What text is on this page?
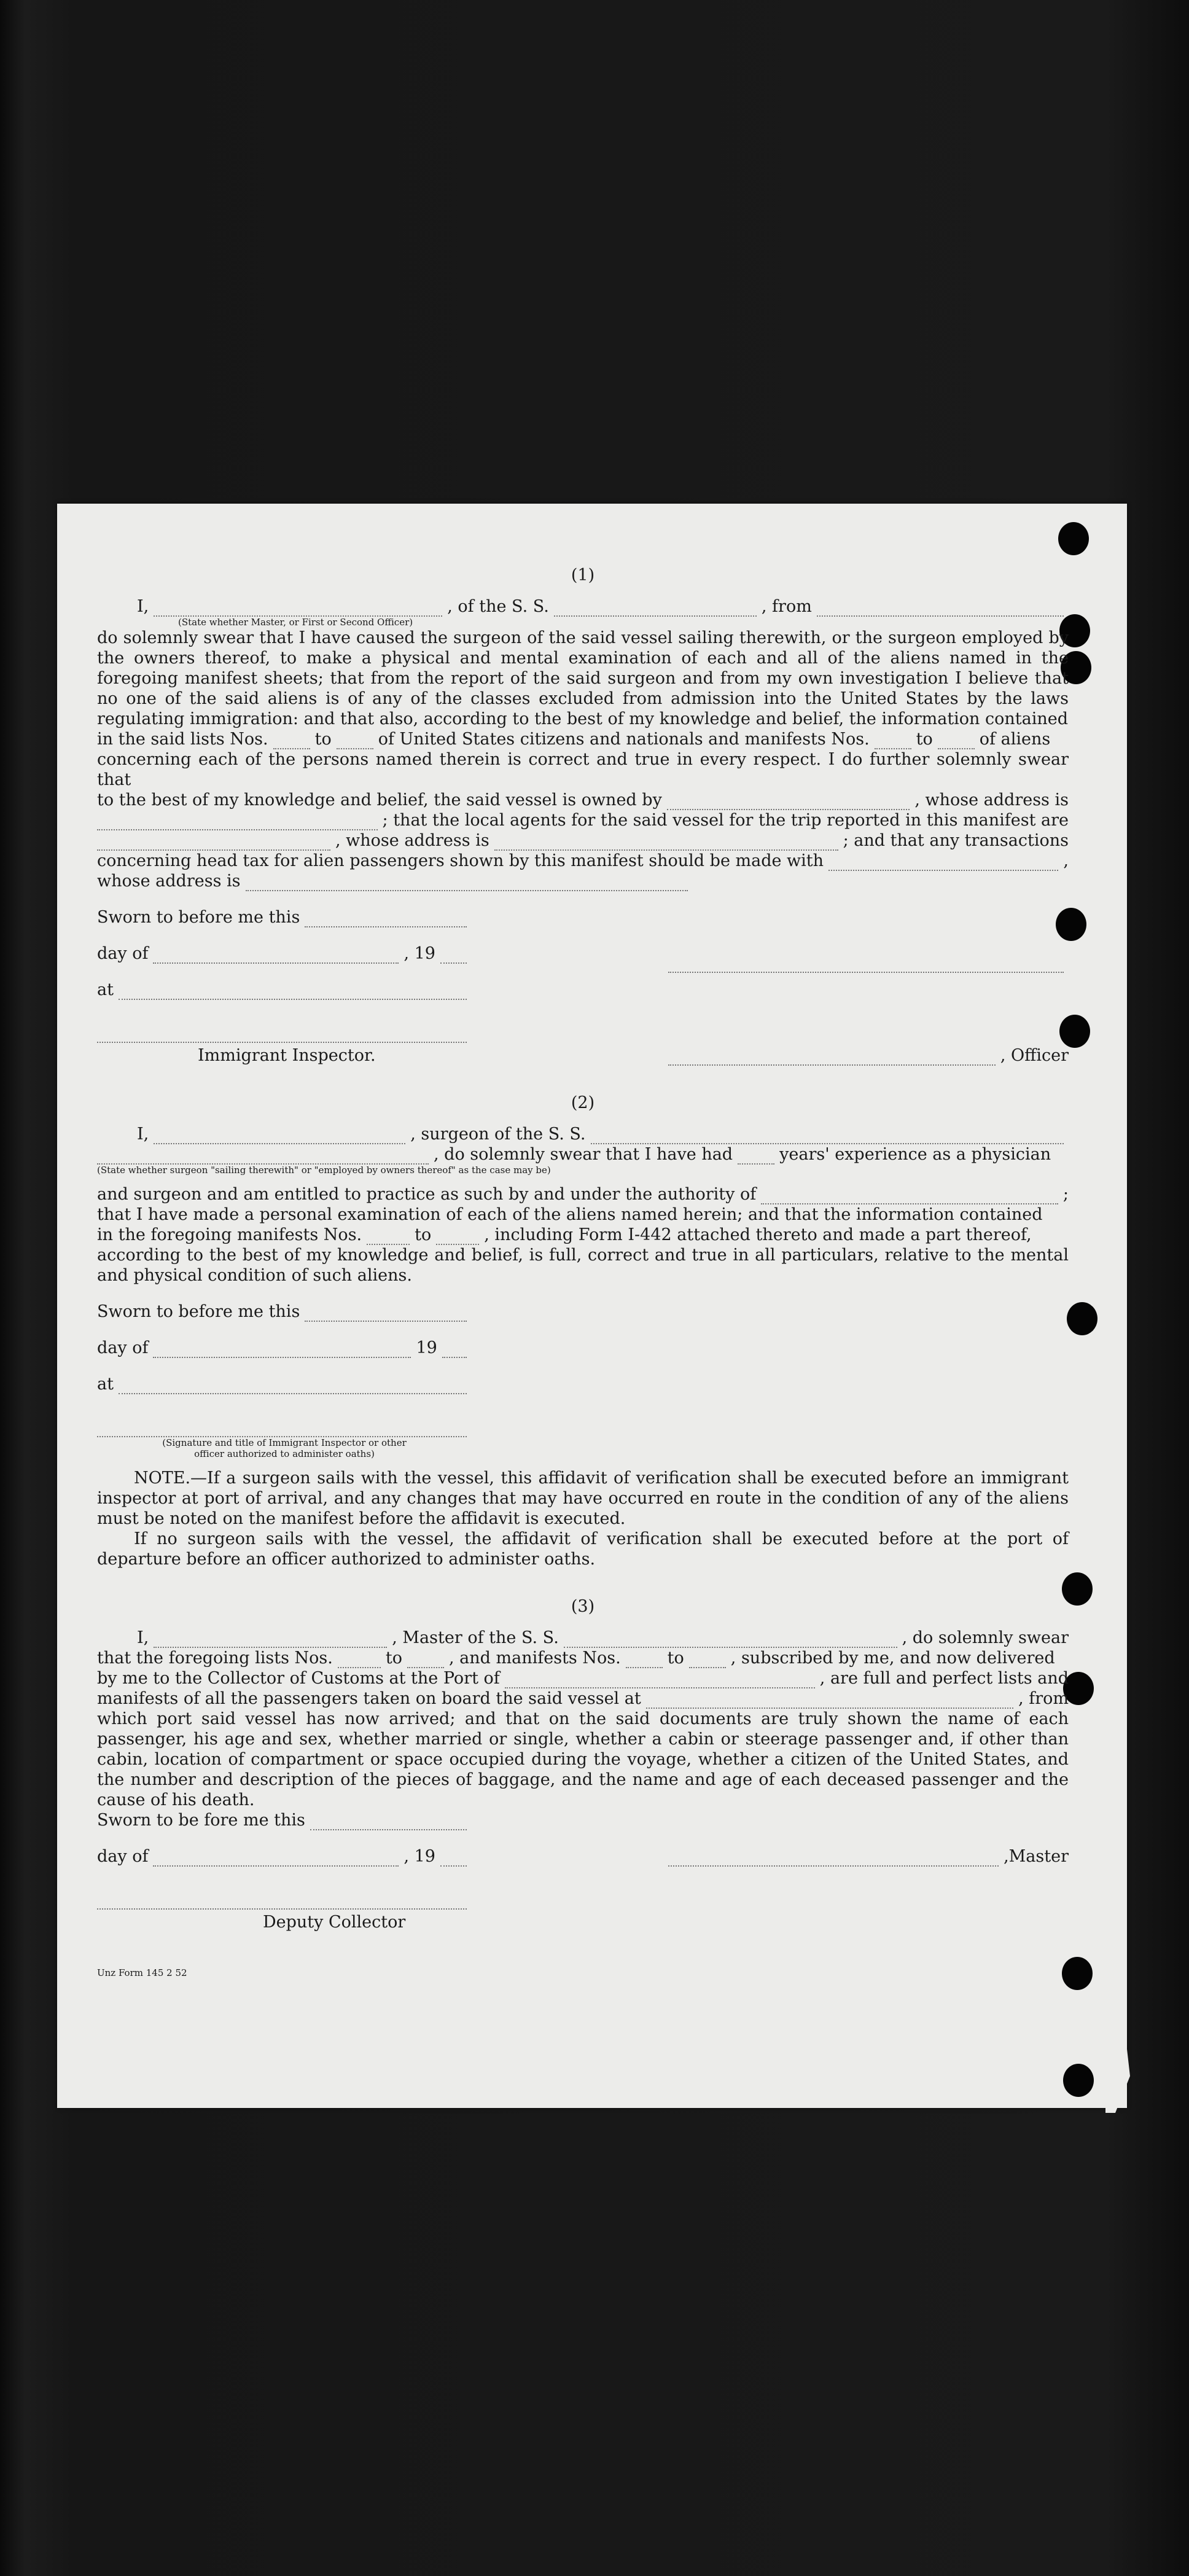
(1)
I,	, of the S. S.	, from
(State whether Master, or First or Second Officer)

do solemnly swear that I have caused the surgeon of the said vessel sailing therewith, or the surgeon employed by the owners thereof, to make a physical and mental examination of each and all of the aliens named in the foregoing manifest sheets; that from the report of the said surgeon and from my own investigation I believe that no one of the said aliens is of any of the classes excluded from admission into the United States by the laws regulating immigration: and that also, according to the best of my knowledge and belief, the information contained

in the said lists Nos.	to	of United States citizens and nationals and manifests Nos.	to	of aliens

concerning each of the persons named therein is correct and true in every respect. I do further solemnly swear that

to the best of my knowledge and belief, the said vessel is owned by	, whose address is
; that the local agents for the said vessel for the trip reported in this manifest are
, whose address is	; and that any transactions
concerning head tax for alien passengers shown by this manifest should be made with	,
whose address is
Sworn to before me this
day of	, 19
at
Immigrant Inspector.	, Officer
(2)
I,	, surgeon of the S. S.
, do solemnly swear that I have had	years' experience as a physician
(State whether surgeon "sailing therewith" or "employed by owners thereof" as the case may be)
and surgeon and am entitled to practice as such by and under the authority of	;

that I have made a personal examination of each of the aliens named herein; and that the information contained

in the foregoing manifests Nos.	to	, including Form I-442 attached thereto and made a part thereof,

according to the best of my knowledge and belief, is full, correct and true in all particulars, relative to the mental and physical condition of such aliens.

Sworn to before me this
day of	19
at
(Signature and title of Immigrant Inspector or other
officer authorized to administer oaths)

NOTE.—If a surgeon sails with the vessel, this affidavit of verification shall be executed before an immigrant inspector at port of arrival, and any changes that may have occurred en route in the condition of any of the aliens must be noted on the manifest before the affidavit is executed.

If no surgeon sails with the vessel, the affidavit of verification shall be executed before at the port of departure before an officer authorized to administer oaths.

(3)
I,	, Master of the S. S.	, do solemnly swear
that the foregoing lists Nos.	to	, and manifests Nos.	to	, subscribed by me, and now delivered
by me to the Collector of Customs at the Port of	, are full and perfect lists and
manifests of all the passengers taken on board the said vessel at	, from

which port said vessel has now arrived; and that on the said documents are truly shown the name of each passenger, his age and sex, whether married or single, whether a cabin or steerage passenger and, if other than cabin, location of compartment or space occupied during the voyage, whether a citizen of the United States, and the number and description of the pieces of baggage, and the name and age of each deceased passenger and the cause of his death.

Sworn to be fore me this
day of	, 19
Deputy Collector
,Master
Unz Form 145 2 52
